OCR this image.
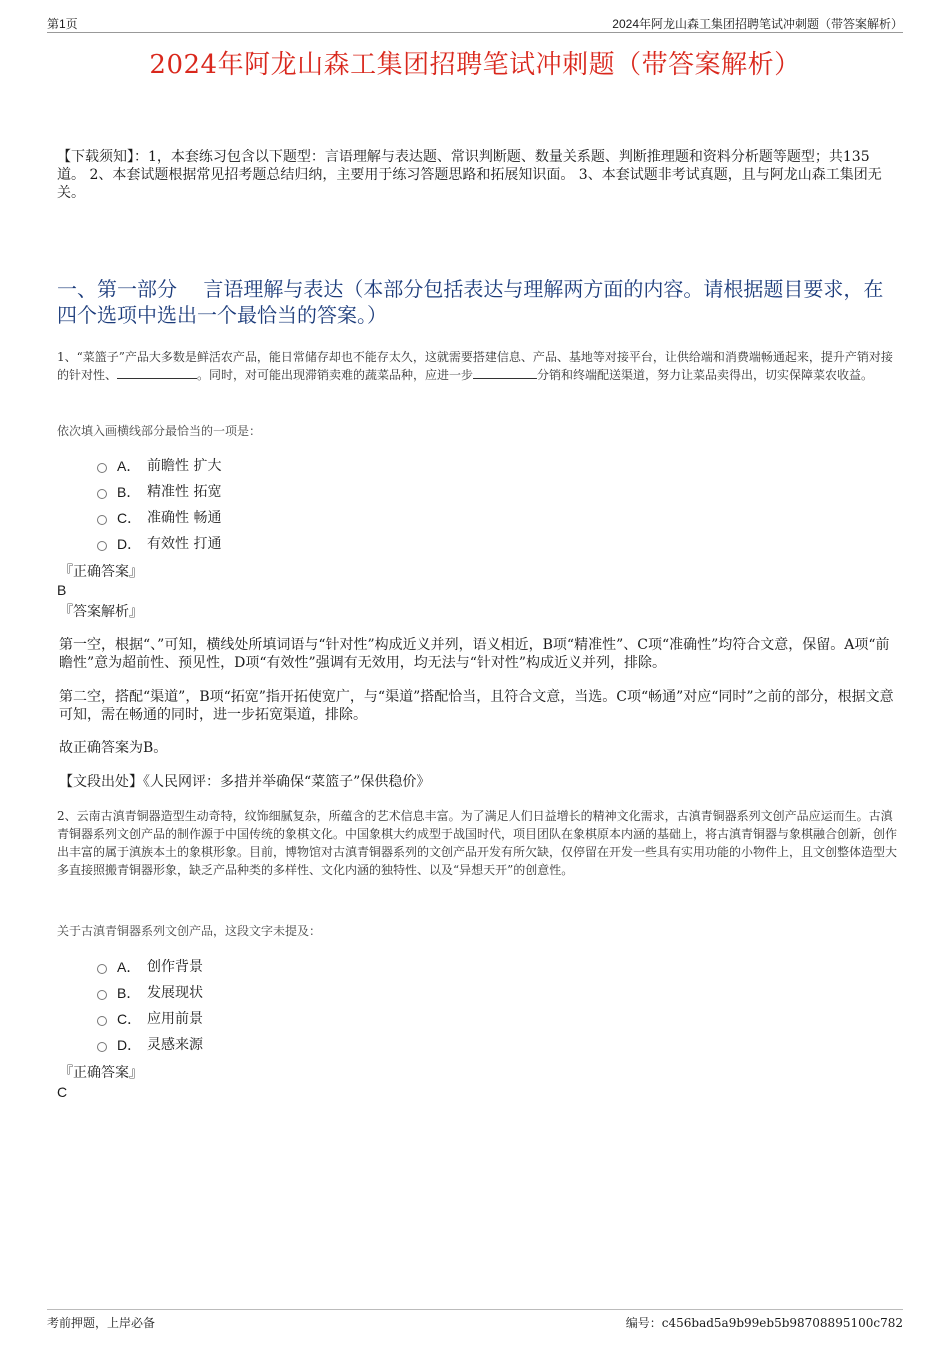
第1页	2024年阿龙山森工集团招聘笔试冲刺题（带答案解析）
2024年阿龙山森工集团招聘笔试冲刺题（带答案解析）
【下载须知】：1，本套练习包含以下题型：言语理解与表达题、常识判断题、数量关系题、判断推理题和资料分析题等题型；共135道。 2、本套试题根据常见招考题总结归纳，主要用于练习答题思路和拓展知识面。 3、本套试题非考试真题，且与阿龙山森工集团无关。
一、第一部分　 言语理解与表达（本部分包括表达与理解两方面的内容。请根据题目要求，在四个选项中选出一个最恰当的答案。）
1、“菜篮子”产品大多数是鲜活农产品，能日常储存却也不能存太久，这就需要搭建信息、产品、基地等对接平台，让供给端和消费端畅通起来，提升产销对接的针对性、	。同时，对可能出现滞销卖难的蔬菜品种，应进一步	分销和终端配送渠道，努力让菜品卖得出，切实保障菜农收益。
依次填入画横线部分最恰当的一项是：
A． 前瞻性 扩大
B． 精准性 拓宽
C． 准确性 畅通
D． 有效性 打通
『正确答案』
B
『答案解析』
第一空，根据“、”可知，横线处所填词语与“针对性”构成近义并列，语义相近，B项“精准性”、C项“准确性”均符合文意，保留。A项“前瞻性”意为超前性、预见性，D项“有效性”强调有无效用，均无法与“针对性”构成近义并列，排除。
第二空，搭配“渠道”，B项“拓宽”指开拓使宽广，与“渠道”搭配恰当，且符合文意，当选。C项“畅通”对应“同时”之前的部分，根据文意可知，需在畅通的同时，进一步拓宽渠道，排除。
故正确答案为B。
【文段出处】《人民网评：多措并举确保“菜篮子”保供稳价》
2、云南古滇青铜器造型生动奇特，纹饰细腻复杂，所蕴含的艺术信息丰富。为了满足人们日益增长的精神文化需求，古滇青铜器系列文创产品应运而生。古滇青铜器系列文创产品的制作源于中国传统的象棋文化。中国象棋大约成型于战国时代，项目团队在象棋原本内涵的基础上，将古滇青铜器与象棋融合创新，创作出丰富的属于滇族本土的象棋形象。目前，博物馆对古滇青铜器系列的文创产品开发有所欠缺，仅停留在开发一些具有实用功能的小物件上，且文创整体造型大多直接照搬青铜器形象，缺乏产品种类的多样性、文化内涵的独特性、以及“异想天开”的创意性。
关于古滇青铜器系列文创产品，这段文字未提及：
A． 创作背景
B． 发展现状
C． 应用前景
D． 灵感来源
『正确答案』
C
考前押题，上岸必备	编号：c456bad5a9b99eb5b98708895100c782
